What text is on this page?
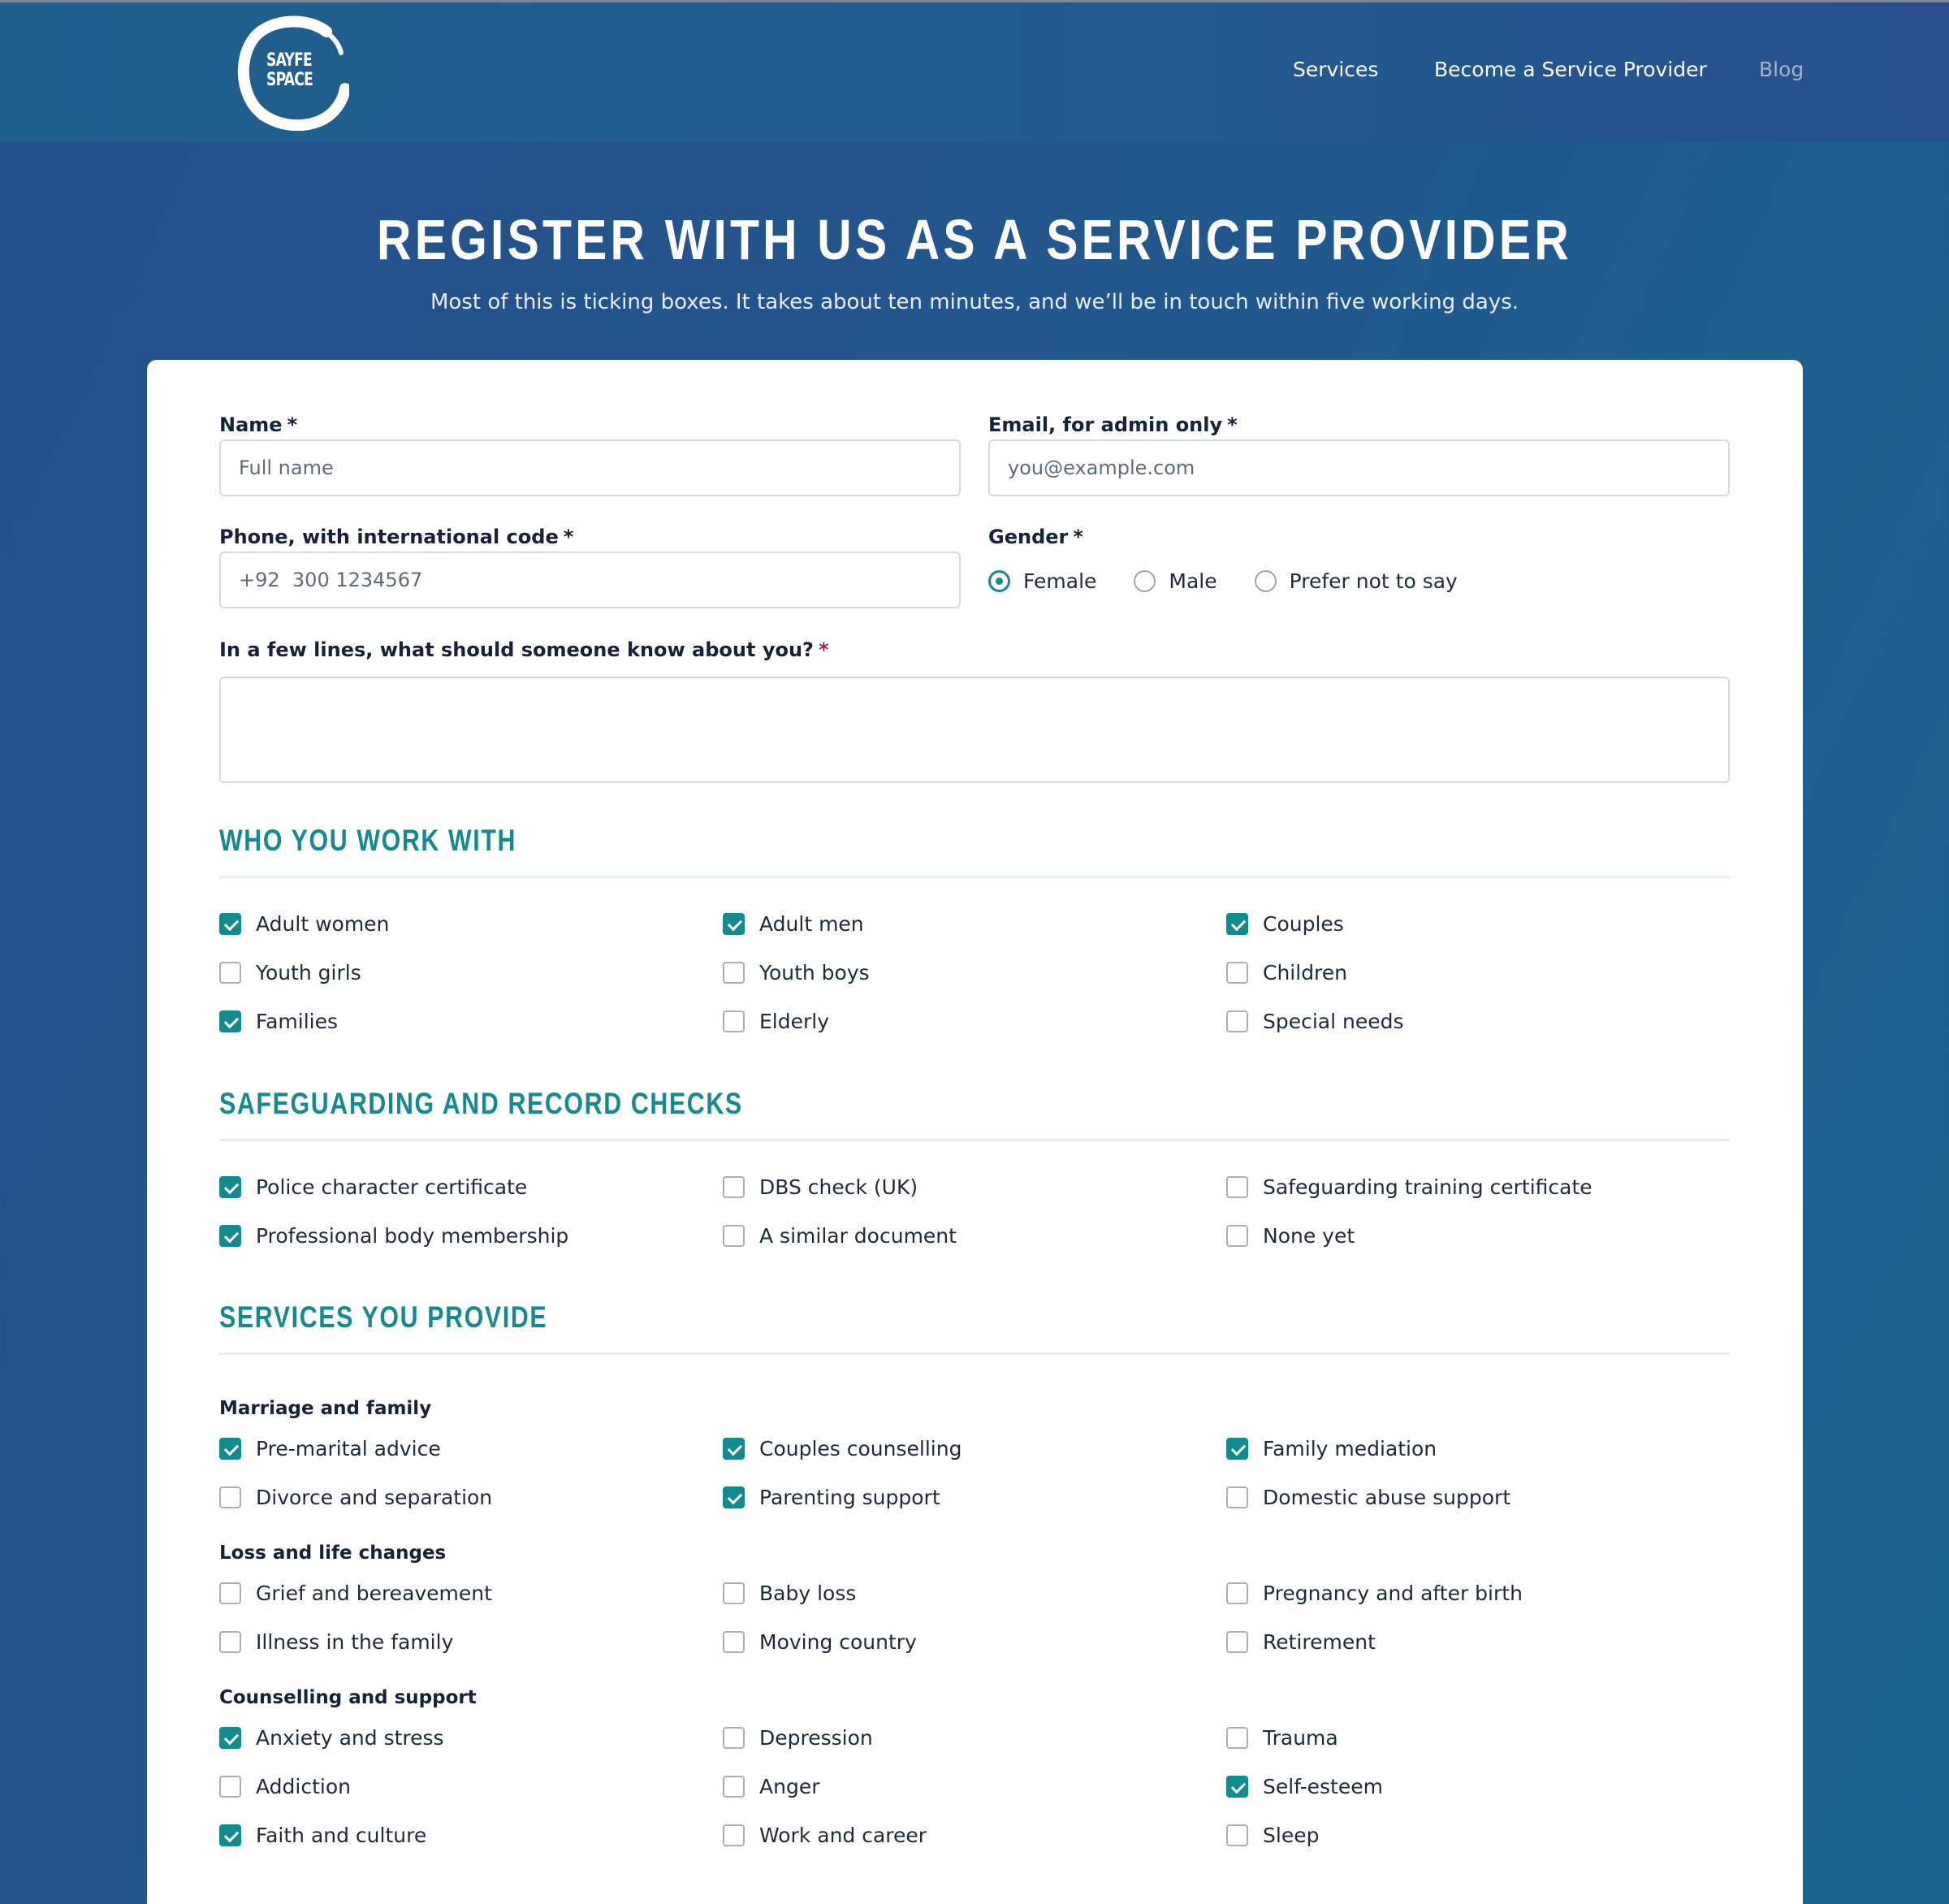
SAYFE
SPACE	Services	Become a Service Provider	Blog
REGISTER WITH US AS A SERVICE PROVIDER

Most of this is ticking boxes. It takes about ten minutes, and we’ll be in touch within five working days.

Name *
Full name	Email, for admin only *
you@example.com
Phone, with international code *
+92 300 1234567	Gender *
Female	Male	Prefer not to say
In a few lines, what should someone know about you? *
WHO YOU WORK WITH
Adult women	Adult men	Couples
Youth girls	Youth boys	Children
Families	Elderly	Special needs
SAFEGUARDING AND RECORD CHECKS
Police character certificate	DBS check (UK)	Safeguarding training certificate
Professional body membership	A similar document	None yet
SERVICES YOU PROVIDE
Marriage and family
Pre-marital advice	Couples counselling	Family mediation
Divorce and separation	Parenting support	Domestic abuse support
Loss and life changes
Grief and bereavement	Baby loss	Pregnancy and after birth
Illness in the family	Moving country	Retirement
Counselling and support
Anxiety and stress	Depression	Trauma
Addiction	Anger	Self-esteem
Faith and culture	Work and career	Sleep
